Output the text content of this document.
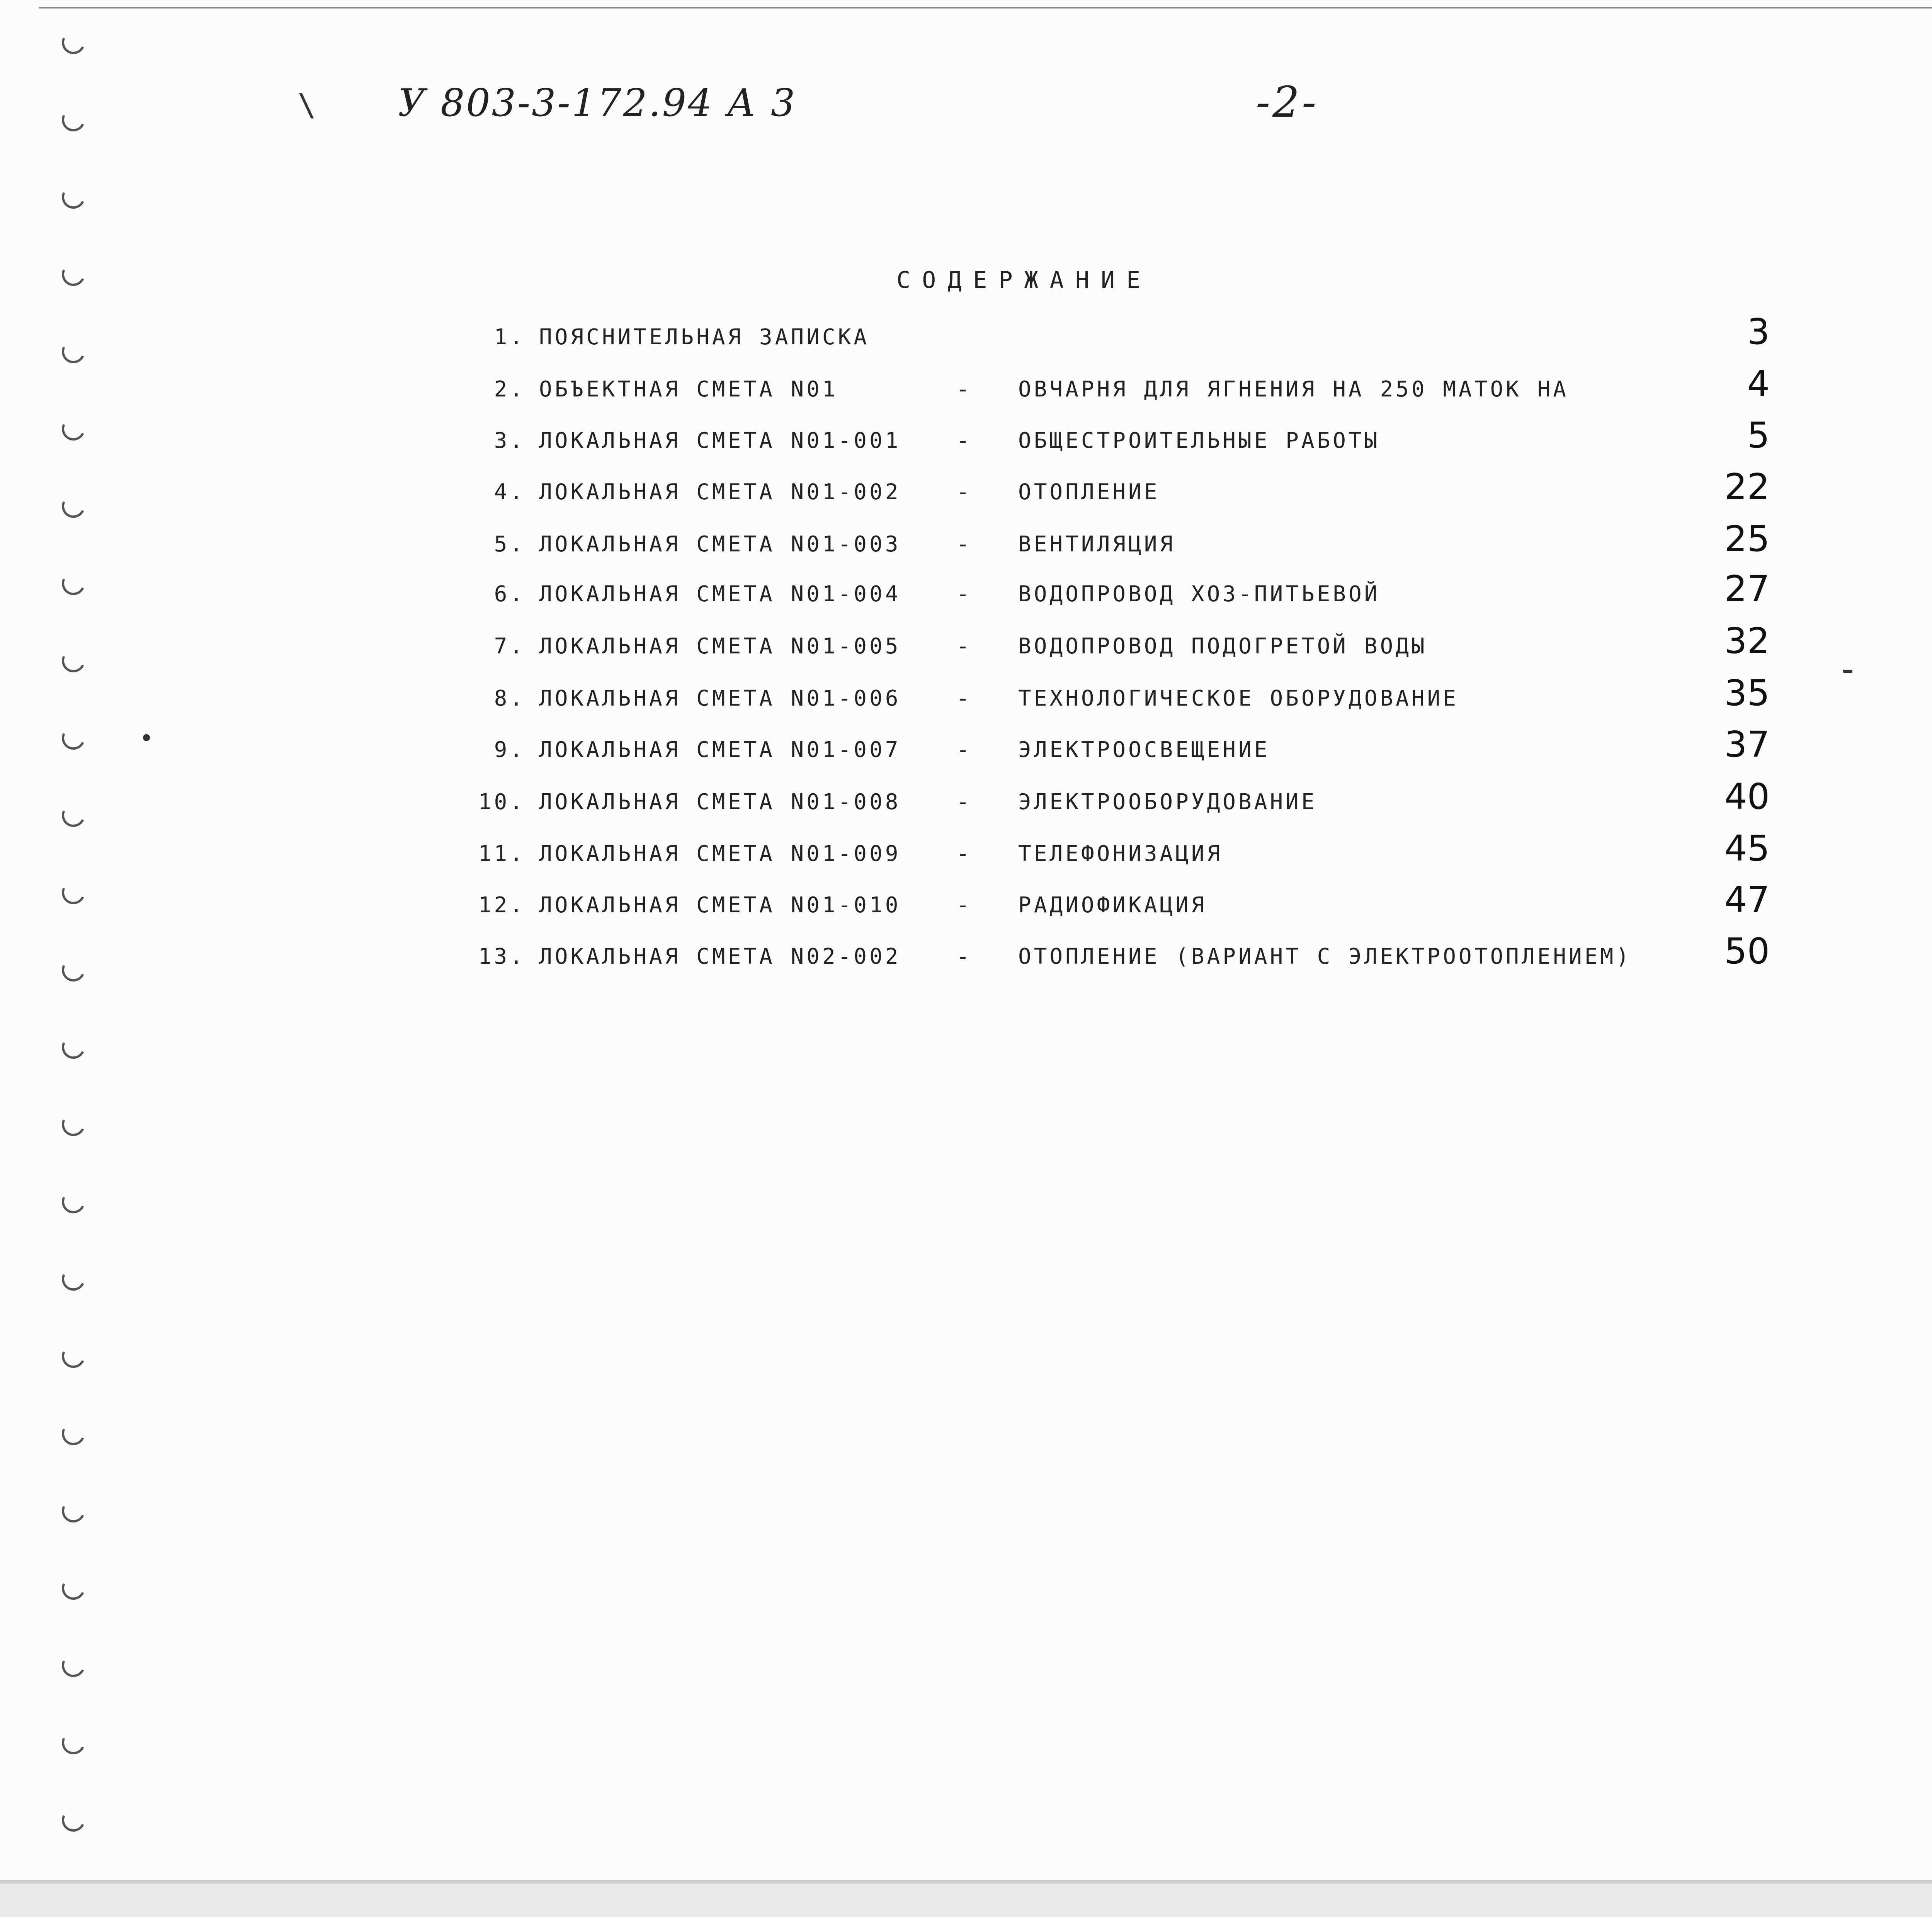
\ У 803-3-172.94 А 3	-2-
СОДЕРЖАНИЕ
1. ПОЯСНИТЕЛЬНАЯ ЗАПИСКА	3
2. ОБЪЕКТНАЯ СМЕТА N01	- ОВЧАРНЯ ДЛЯ ЯГНЕНИЯ НА 250 МАТОК НА	4
3. ЛОКАЛЬНАЯ СМЕТА N01-001	- ОБЩЕСТРОИТЕЛЬНЫЕ РАБОТЫ	5
4. ЛОКАЛЬНАЯ СМЕТА N01-002	- ОТОПЛЕНИЕ	22
5. ЛОКАЛЬНАЯ СМЕТА N01-003	- ВЕНТИЛЯЦИЯ	25
6. ЛОКАЛЬНАЯ СМЕТА N01-004	- ВОДОПРОВОД ХОЗ-ПИТЬЕВОЙ	27
7. ЛОКАЛЬНАЯ СМЕТА N01-005	- ВОДОПРОВОД ПОДОГРЕТОЙ ВОДЫ	32
8. ЛОКАЛЬНАЯ СМЕТА N01-006	- ТЕХНОЛОГИЧЕСКОЕ ОБОРУДОВАНИЕ	35
9. ЛОКАЛЬНАЯ СМЕТА N01-007	- ЭЛЕКТРООСВЕЩЕНИЕ	37
10. ЛОКАЛЬНАЯ СМЕТА N01-008	- ЭЛЕКТРООБОРУДОВАНИЕ	40
11. ЛОКАЛЬНАЯ СМЕТА N01-009	- ТЕЛЕФОНИЗАЦИЯ	45
12. ЛОКАЛЬНАЯ СМЕТА N01-010	- РАДИОФИКАЦИЯ	47
13. ЛОКАЛЬНАЯ СМЕТА N02-002	- ОТОПЛЕНИЕ (ВАРИАНТ С ЭЛЕКТРООТОПЛЕНИЕМ)	50
